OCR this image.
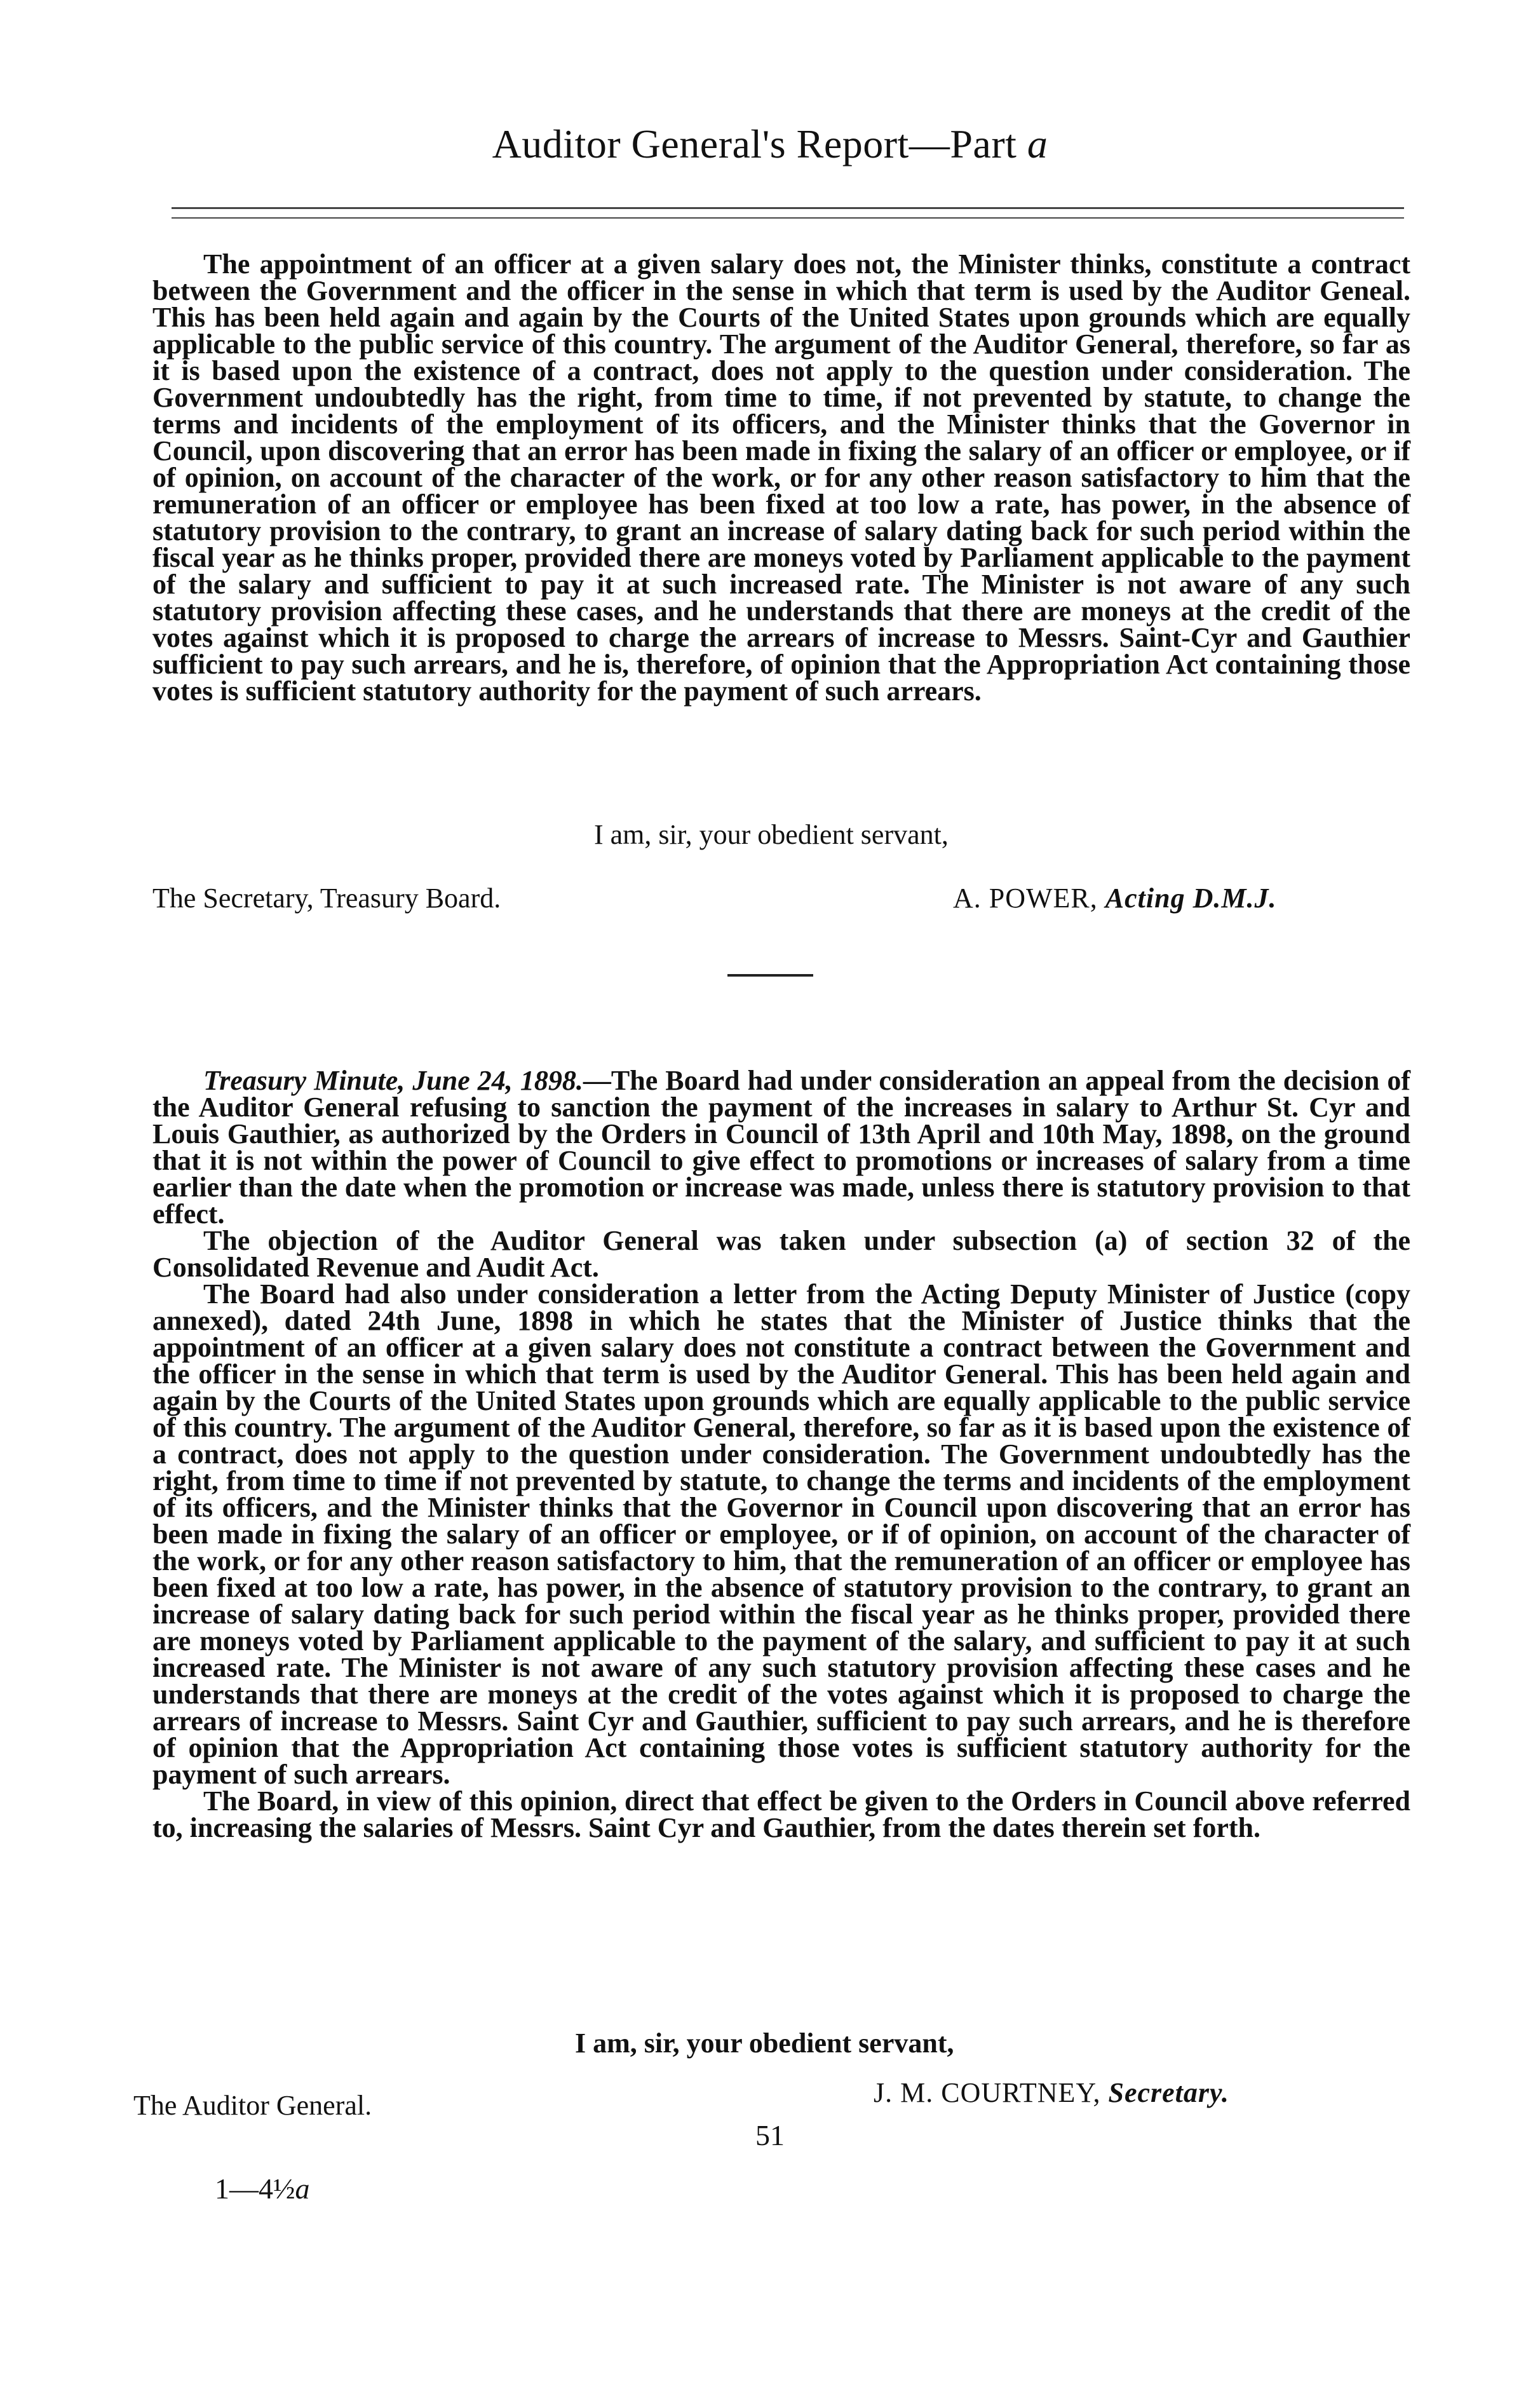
Auditor General's Report—Part a

The appointment of an officer at a given salary does not, the Minister thinks, constitute a contract between the Government and the officer in the sense in which that term is used by the Auditor Geneal. This has been held again and again by the Courts of the United States upon grounds which are equally applicable to the public service of this country. The argument of the Auditor General, therefore, so far as it is based upon the existence of a contract, does not apply to the question under consideration. The Government undoubtedly has the right, from time to time, if not prevented by statute, to change the terms and incidents of the employment of its officers, and the Minister thinks that the Governor in Council, upon discovering that an error has been made in fixing the salary of an officer or employee, or if of opinion, on account of the character of the work, or for any other reason satisfactory to him that the remuneration of an officer or employee has been fixed at too low a rate, has power, in the absence of statutory provision to the contrary, to grant an increase of salary dating back for such period within the fiscal year as he thinks proper, provided there are moneys voted by Parliament applicable to the payment of the salary and sufficient to pay it at such increased rate. The Minister is not aware of any such statutory provision affecting these cases, and he understands that there are moneys at the credit of the votes against which it is proposed to charge the arrears of increase to Messrs. Saint-Cyr and Gauthier sufficient to pay such arrears, and he is, therefore, of opinion that the Appropriation Act containing those votes is sufficient statutory authority for the payment of such arrears.

I am, sir, your obedient servant,
The Secretary, Treasury Board.	A. POWER, Acting D.M.J.

Treasury Minute, June 24, 1898.—The Board had under consideration an appeal from the decision of the Auditor General refusing to sanction the payment of the increases in salary to Arthur St. Cyr and Louis Gauthier, as authorized by the Orders in Council of 13th April and 10th May, 1898, on the ground that it is not within the power of Council to give effect to promotions or increases of salary from a time earlier than the date when the promotion or increase was made, unless there is statutory provision to that effect.

The objection of the Auditor General was taken under subsection (a) of section 32 of the Consolidated Revenue and Audit Act.

The Board had also under consideration a letter from the Acting Deputy Minister of Justice (copy annexed), dated 24th June, 1898 in which he states that the Minister of Justice thinks that the appointment of an officer at a given salary does not constitute a contract between the Government and the officer in the sense in which that term is used by the Auditor General. This has been held again and again by the Courts of the United States upon grounds which are equally applicable to the public service of this country. The argument of the Auditor General, therefore, so far as it is based upon the existence of a contract, does not apply to the question under consideration. The Government undoubtedly has the right, from time to time if not prevented by statute, to change the terms and incidents of the employment of its officers, and the Minister thinks that the Governor in Council upon discovering that an error has been made in fixing the salary of an officer or employee, or if of opinion, on account of the character of the work, or for any other reason satisfactory to him, that the remuneration of an officer or employee has been fixed at too low a rate, has power, in the absence of statutory provision to the contrary, to grant an increase of salary dating back for such period within the fiscal year as he thinks proper, provided there are moneys voted by Parliament applicable to the payment of the salary, and sufficient to pay it at such increased rate. The Minister is not aware of any such statutory provision affecting these cases and he understands that there are moneys at the credit of the votes against which it is proposed to charge the arrears of increase to Messrs. Saint Cyr and Gauthier, sufficient to pay such arrears, and he is therefore of opinion that the Appropriation Act containing those votes is sufficient statutory authority for the payment of such arrears.

The Board, in view of this opinion, direct that effect be given to the Orders in Council above referred to, increasing the salaries of Messrs. Saint Cyr and Gauthier, from the dates therein set forth.

I am, sir, your obedient servant,
The Auditor General.	J. M. COURTNEY, Secretary.
51
1—4½a
